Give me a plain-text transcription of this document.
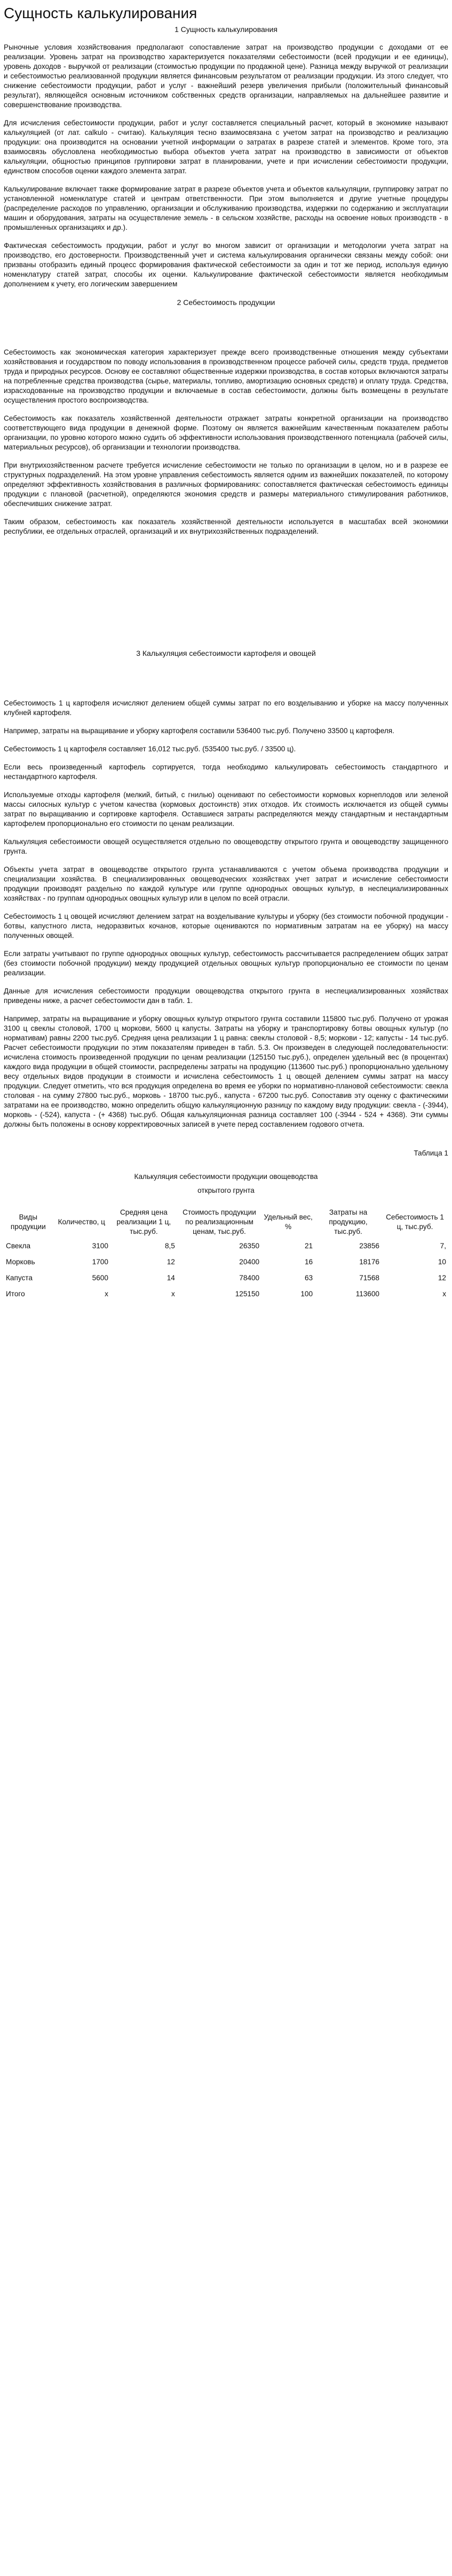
Сущность калькулирования
1 Сущность калькулирования

Рыночные условия хозяйствования предполагают сопоставление затрат на производство продукции с доходами от ее реализации. Уровень затрат на производство характеризуется показателями себестоимости (всей продукции и ее единицы), уровень доходов - выручкой от реализации (стоимостью продукции по продажной цене). Разница между выручкой от реализации и себестоимостью реализованной продукции является финансовым результатом от реализации продукции. Из этого следует, что снижение себестоимости продукции, работ и услуг - важнейший резерв увеличения прибыли (положительный финансовый результат), являющейся основным источником собственных средств организации, направляемых на дальнейшее развитие и совершенствование производства.

Для исчисления себестоимости продукции, работ и услуг составляется специальный расчет, который в экономике называют калькуляцией (от лат. calkulo - считаю). Калькуляция тесно взаимосвязана с учетом затрат на производство и реализацию продукции: она производится на основании учетной информации о затратах в разрезе статей и элементов. Кроме того, эта взаимосвязь обусловлена необходимостью выбора объектов учета затрат на производство в зависимости от объектов калькуляции, общностью принципов группировки затрат в планировании, учете и при исчислении себестоимости продукции, единством способов оценки каждого элемента затрат.

Калькулирование включает также формирование затрат в разрезе объектов учета и объектов калькуляции, группировку затрат по установленной номенклатуре статей и центрам ответственности. При этом выполняется и другие учетные процедуры (распределение расходов по управлению, организации и обслуживанию производства, издержки по содержанию и эксплуатации машин и оборудования, затраты на осуществление земель - в сельском хозяйстве, расходы на освоение новых производств - в промышленных организациях и др.).

Фактическая себестоимость продукции, работ и услуг во многом зависит от организации и методологии учета затрат на производство, его достоверности. Производственный учет и система калькулирования органически связаны между собой: они призваны отобразить единый процесс формирования фактической себестоимости за один и тот же период, используя единую номенклатуру статей затрат, способы их оценки. Калькулирование фактической себестоимости является необходимым дополнением к учету, его логическим завершением

2 Себестоимость продукции

Себестоимость как экономическая категория характеризует прежде всего производственные отношения между субъектами хозяйствования и государством по поводу использования в производственном процессе рабочей силы, средств труда, предметов труда и природных ресурсов. Основу ее составляют общественные издержки производства, в состав которых включаются затраты на потребленные средства производства (сырье, материалы, топливо, амортизацию основных средств) и оплату труда. Средства, израсходованные на производство продукции и включаемые в состав себестоимости, должны быть возмещены в результате осуществления простого воспроизводства.

Себестоимость как показатель хозяйственной деятельности отражает затраты конкретной организации на производство соответствующего вида продукции в денежной форме. Поэтому он является важнейшим качественным показателем работы организации, по уровню которого можно судить об эффективности использования производственного потенциала (рабочей силы, материальных ресурсов), об организации и технологии производства.

При внутрихозяйственном расчете требуется исчисление себестоимости не только по организации в целом, но и в разрезе ее структурных подразделений. На этом уровне управления себестоимость является одним из важнейших показателей, по которому определяют эффективность хозяйствования в различных формированиях: сопоставляется фактическая себестоимость единицы продукции с плановой (расчетной), определяются экономия средств и размеры материального стимулирования работников, обеспечивших снижение затрат.

Таким образом, себестоимость как показатель хозяйственной деятельности используется в масштабах всей экономики республики, ее отдельных отраслей, организаций и их внутрихозяйственных подразделений.

3 Калькуляция себестоимости картофеля и овощей

Себестоимость 1 ц картофеля исчисляют делением общей суммы затрат по его возделыванию и уборке на массу полученных клубней картофеля.

Например, затраты на выращивание и уборку картофеля составили 536400 тыс.руб. Получено 33500 ц картофеля.

Себестоимость 1 ц картофеля составляет 16,012 тыс.руб. (535400 тыс.руб. / 33500 ц).

Если весь произведенный картофель сортируется, тогда необходимо калькулировать себестоимость стандартного и нестандартного картофеля.

Используемые отходы картофеля (мелкий, битый, с гнилью) оценивают по себестоимости кормовых корнеплодов или зеленой массы силосных культур с учетом качества (кормовых достоинств) этих отходов. Их стоимость исключается из общей суммы затрат по выращиванию и сортировке картофеля. Оставшиеся затраты распределяются между стандартным и нестандартным картофелем пропорционально его стоимости по ценам реализации.

Калькуляция себестоимости овощей осуществляется отдельно по овощеводству открытого грунта и овощеводству защищенного грунта.

Объекты учета затрат в овощеводстве открытого грунта устанавливаются с учетом объема производства продукции и специализации хозяйства. В специализированных овощеводческих хозяйствах учет затрат и исчисление себестоимости продукции производят раздельно по каждой культуре или группе однородных овощных культур, в неспециализированных хозяйствах - по группам однородных овощных культур или в целом по всей отрасли.

Себестоимость 1 ц овощей исчисляют делением затрат на возделывание культуры и уборку (без стоимости побочной продукции - ботвы, капустного листа, недоразвитых кочанов, которые оцениваются по нормативным затратам на ее уборку) на массу полученных овощей.

Если затраты учитывают по группе однородных овощных культур, себестоимость рассчитывается распределением общих затрат (без стоимости побочной продукции) между продукцией отдельных овощных культур пропорционально ее стоимости по ценам реализации.

Данные для исчисления себестоимости продукции овощеводства открытого грунта в неспециализированных хозяйствах приведены ниже, а расчет себестоимости дан в табл. 1.

Например, затраты на выращивание и уборку овощных культур открытого грунта составили 115800 тыс.руб. Получено от урожая 3100 ц свеклы столовой, 1700 ц моркови, 5600 ц капусты. Затраты на уборку и транспортировку ботвы овощных культур (по нормативам) равны 2200 тыс.руб. Средняя цена реализации 1 ц равна: свеклы столовой - 8,5; моркови - 12; капусты - 14 тыс.руб. Расчет себестоимости продукции по этим показателям приведен в табл. 5.3. Он произведен в следующей последовательности: исчислена стоимость произведенной продукции по ценам реализации (125150 тыс.руб.), определен удельный вес (в процентах) каждого вида продукции в общей стоимости, распределены затраты на продукцию (113600 тыс.руб.) пропорционально удельному весу отдельных видов продукции в стоимости и исчислена себестоимость 1 ц овощей делением суммы затрат на массу продукции. Следует отметить, что вся продукция определена во время ее уборки по нормативно-плановой себестоимости: свекла столовая - на сумму 27800 тыс.руб., морковь - 18700 тыс.руб., капуста - 67200 тыс.руб. Сопоставив эту оценку с фактическими затратами на ее производство, можно определить общую калькуляционную разницу по каждому виду продукции: свекла - (-3944), морковь - (-524), капуста - (+ 4368) тыс.руб. Общая калькуляционная разница составляет 100 (-3944 - 524 + 4368). Эти суммы должны быть положены в основу корректировочных записей в учете перед составлением годового отчета.

Таблица 1
Калькуляция себестоимости продукции овощеводства
открытого грунта
Виды продукции	Количество, ц	Средняя цена реализации 1 ц, тыс.руб.	Стоимость продукции по реализационным ценам, тыс.руб.	Удельный вес, %	Затраты на продукцию, тыс.руб.	Себестоимость 1 ц, тыс.руб.
Свекла	3100	8,5	26350	21	23856	7,
Морковь	1700	12	20400	16	18176	10
Капуста	5600	14	78400	63	71568	12
Итого	х	х	125150	100	113600	х
